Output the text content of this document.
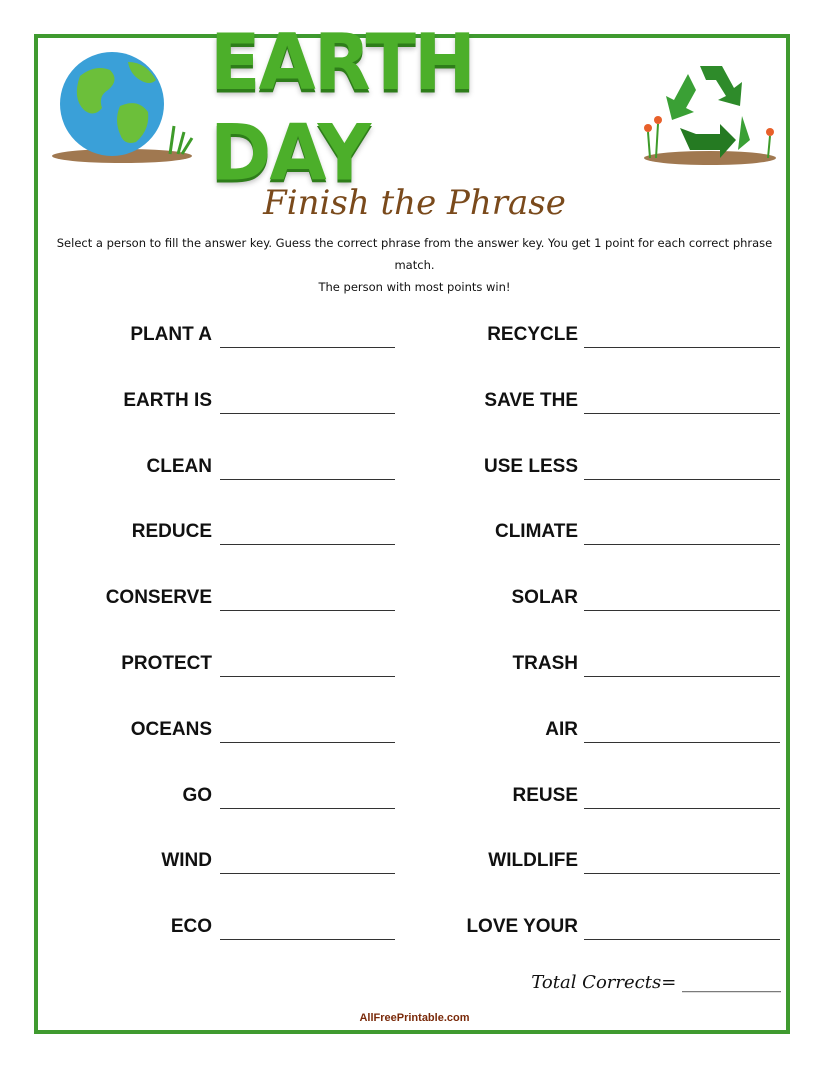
EARTH DAY
Finish the Phrase
Select a person to fill the answer key. Guess the correct phrase from the answer key. You get 1 point for each correct phrase match.
The person with most points win!
PLANT A
EARTH IS
CLEAN
REDUCE
CONSERVE
PROTECT
OCEANS
GO
WIND
ECO
RECYCLE
SAVE THE
USE LESS
CLIMATE
SOLAR
TRASH
AIR
REUSE
WILDLIFE
LOVE YOUR
Total Corrects= ___________
AllFreePrintable.com
